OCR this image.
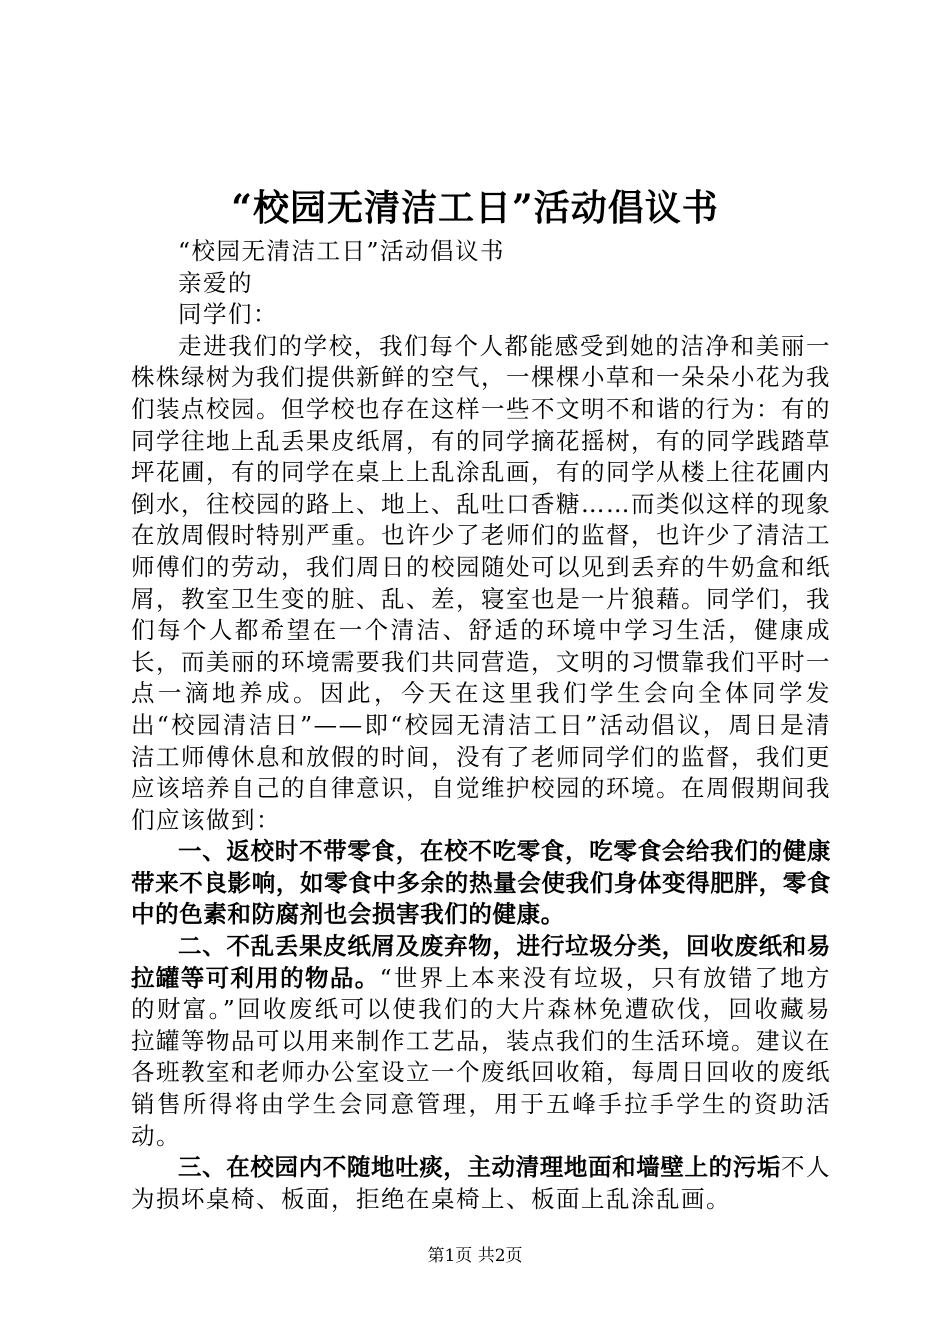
“校园无清洁工日”活动倡议书

“校园无清洁工日”活动倡议书

亲爱的

同学们：

走进我们的学校，我们每个人都能感受到她的洁净和美丽一株株绿树为我们提供新鲜的空气，一棵棵小草和一朵朵小花为我们装点校园。但学校也存在这样一些不文明不和谐的行为：有的同学往地上乱丢果皮纸屑，有的同学摘花摇树，有的同学践踏草坪花圃，有的同学在桌上上乱涂乱画，有的同学从楼上往花圃内倒水，往校园的路上、地上、乱吐口香糖……而类似这样的现象在放周假时特别严重。也许少了老师们的监督，也许少了清洁工师傅们的劳动，我们周日的校园随处可以见到丢弃的牛奶盒和纸屑，教室卫生变的脏、乱、差，寝室也是一片狼藉。同学们，我们每个人都希望在一个清洁、舒适的环境中学习生活，健康成长，而美丽的环境需要我们共同营造，文明的习惯靠我们平时一点一滴地养成。因此，今天在这里我们学生会向全体同学发出“校园清洁日”——即“校园无清洁工日”活动倡议，周日是清洁工师傅休息和放假的时间，没有了老师同学们的监督，我们更应该培养自己的自律意识，自觉维护校园的环境。在周假期间我们应该做到：

一、返校时不带零食，在校不吃零食，吃零食会给我们的健康带来不良影响，如零食中多余的热量会使我们身体变得肥胖，零食中的色素和防腐剂也会损害我们的健康。

二、不乱丢果皮纸屑及废弃物，进行垃圾分类，回收废纸和易拉罐等可利用的物品。“世界上本来没有垃圾，只有放错了地方的财富。”回收废纸可以使我们的大片森林免遭砍伐，回收藏易拉罐等物品可以用来制作工艺品，装点我们的生活环境。建议在各班教室和老师办公室设立一个废纸回收箱，每周日回收的废纸销售所得将由学生会同意管理，用于五峰手拉手学生的资助活动。

三、在校园内不随地吐痰，主动清理地面和墙壁上的污垢不人为损坏桌椅、板面，拒绝在桌椅上、板面上乱涂乱画。

第1页 共2页
